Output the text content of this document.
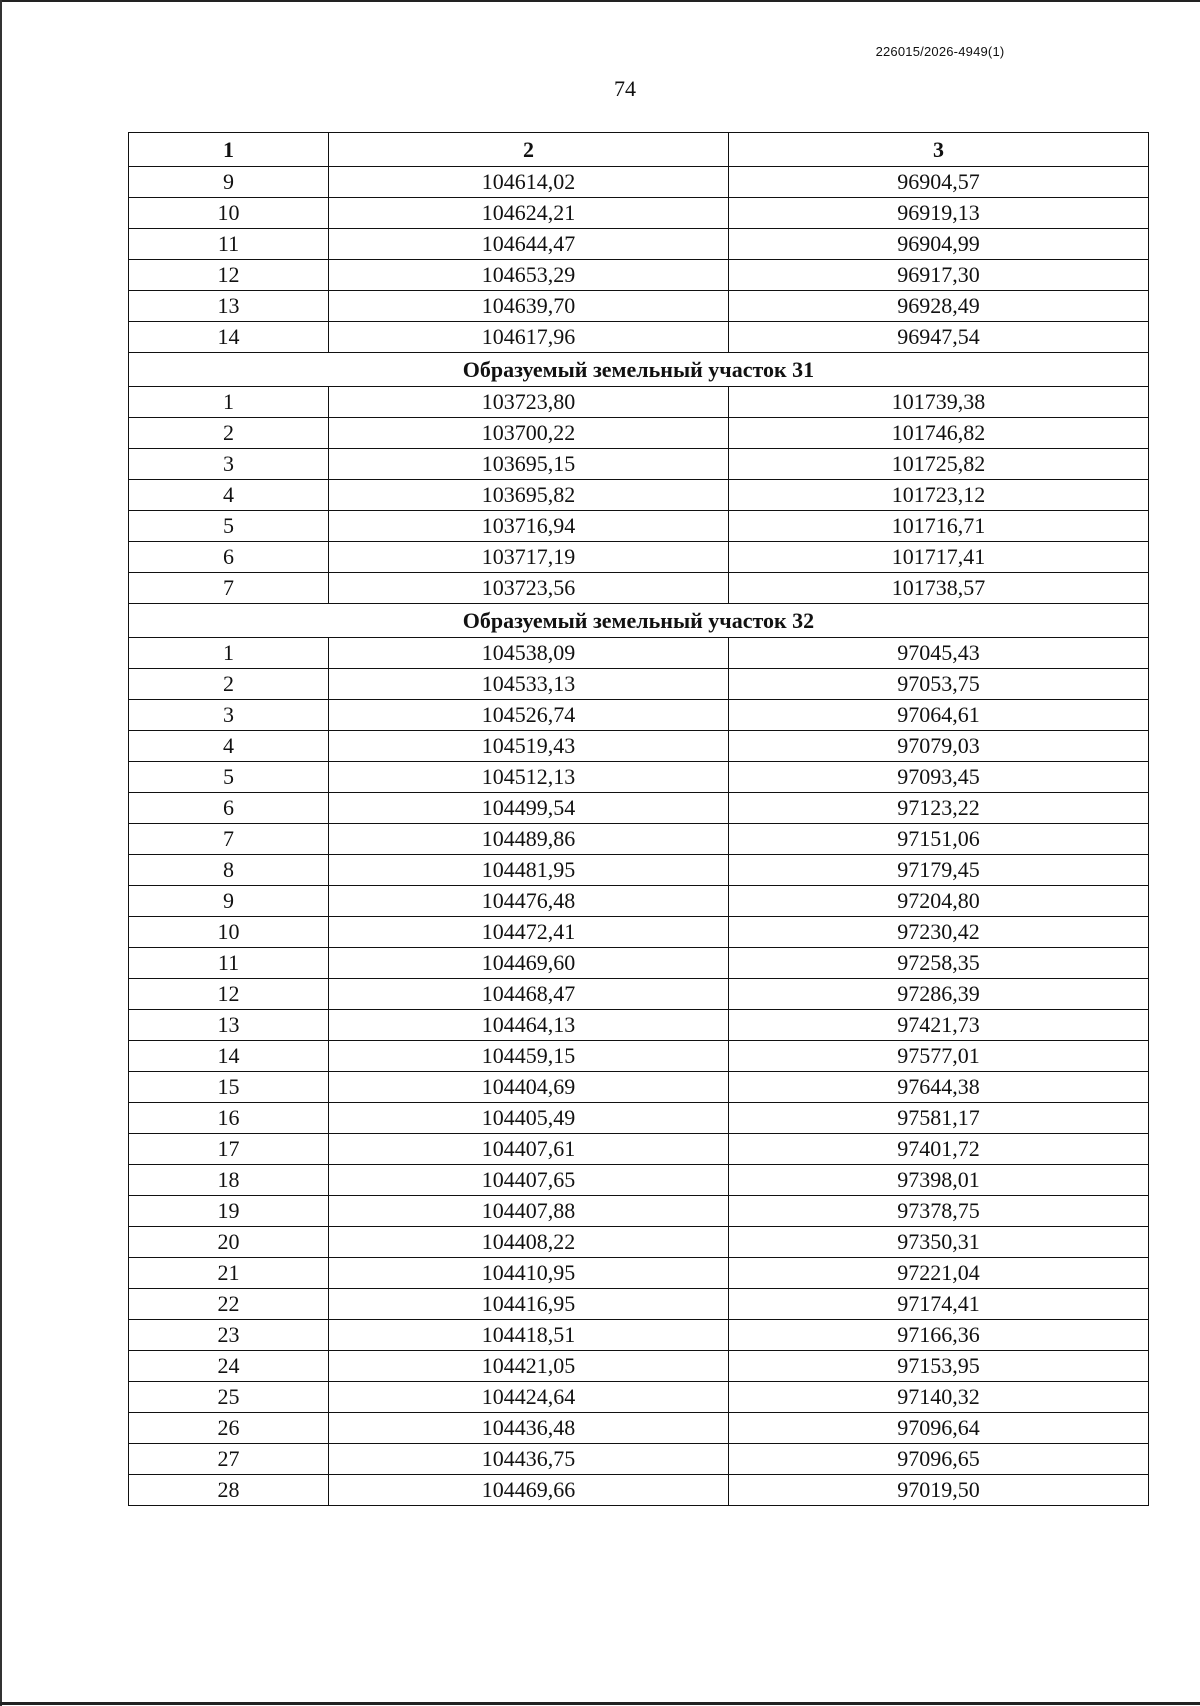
226015/2026-4949(1)
74
1	2	3
9	104614,02	96904,57
10	104624,21	96919,13
11	104644,47	96904,99
12	104653,29	96917,30
13	104639,70	96928,49
14	104617,96	96947,54
Образуемый земельный участок 31		
1	103723,80	101739,38
2	103700,22	101746,82
3	103695,15	101725,82
4	103695,82	101723,12
5	103716,94	101716,71
6	103717,19	101717,41
7	103723,56	101738,57
Образуемый земельный участок 32		
1	104538,09	97045,43
2	104533,13	97053,75
3	104526,74	97064,61
4	104519,43	97079,03
5	104512,13	97093,45
6	104499,54	97123,22
7	104489,86	97151,06
8	104481,95	97179,45
9	104476,48	97204,80
10	104472,41	97230,42
11	104469,60	97258,35
12	104468,47	97286,39
13	104464,13	97421,73
14	104459,15	97577,01
15	104404,69	97644,38
16	104405,49	97581,17
17	104407,61	97401,72
18	104407,65	97398,01
19	104407,88	97378,75
20	104408,22	97350,31
21	104410,95	97221,04
22	104416,95	97174,41
23	104418,51	97166,36
24	104421,05	97153,95
25	104424,64	97140,32
26	104436,48	97096,64
27	104436,75	97096,65
28	104469,66	97019,50
